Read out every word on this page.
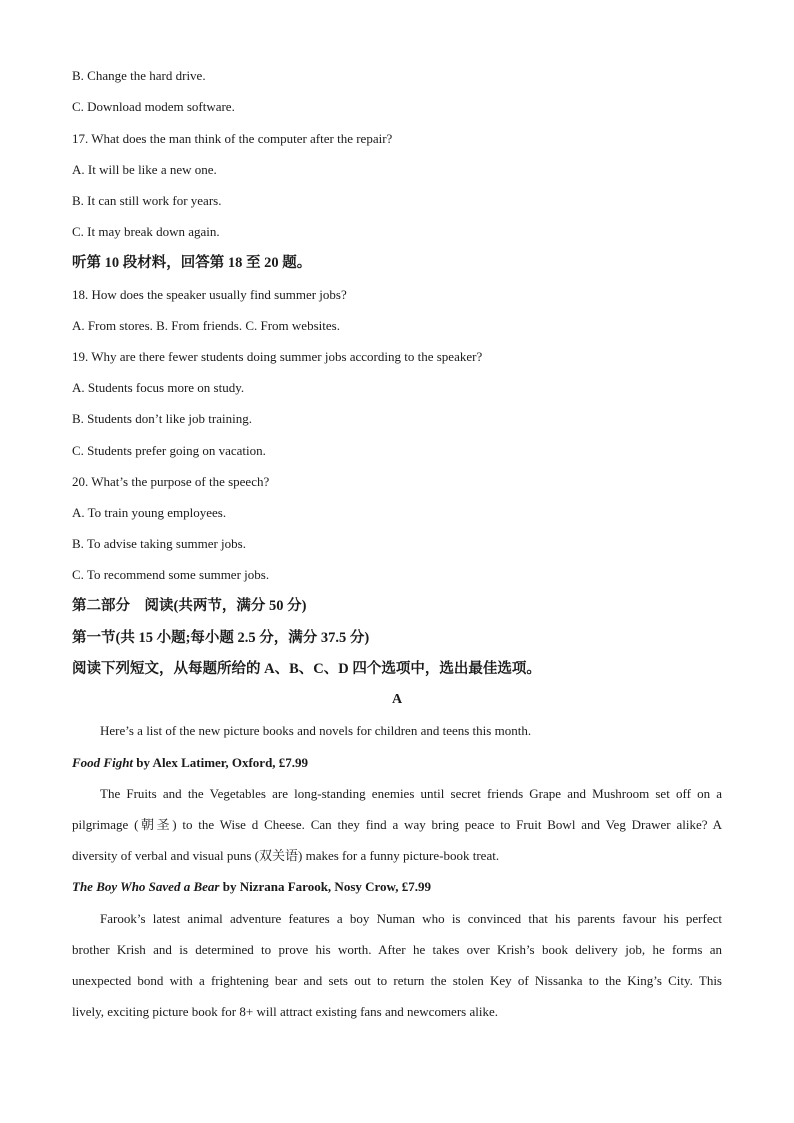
B. Change the hard drive.
C. Download modem software.
17. What does the man think of the computer after the repair?
A. It will be like a new one.
B. It can still work for years.
C. It may break down again.
听第 10 段材料，回答第 18 至 20 题。
18. How does the speaker usually find summer jobs?
A. From stores. B. From friends. C. From websites.
19. Why are there fewer students doing summer jobs according to the speaker?
A. Students focus more on study.
B. Students don’t like job training.
C. Students prefer going on vacation.
20. What’s the purpose of the speech?
A. To train young employees.
B. To advise taking summer jobs.
C. To recommend some summer jobs.
第二部分　阅读(共两节，满分 50 分)
第一节(共 15 小题;每小题 2.5 分，满分 37.5 分)
阅读下列短文，从每题所给的 A、B、C、D 四个选项中，选出最佳选项。
A
Here’s a list of the new picture books and novels for children and teens this month.
Food Fight by Alex Latimer, Oxford, £7.99
The Fruits and the Vegetables are long-standing enemies until secret friends Grape and Mushroom set off on a
pilgrimage (朝圣) to the Wise d Cheese. Can they find a way bring peace to Fruit Bowl and Veg Drawer alike? A
diversity of verbal and visual puns (双关语) makes for a funny picture-book treat.
The Boy Who Saved a Bear by Nizrana Farook, Nosy Crow, £7.99
Farook’s latest animal adventure features a boy Numan who is convinced that his parents favour his perfect
brother Krish and is determined to prove his worth. After he takes over Krish’s book delivery job, he forms an
unexpected bond with a frightening bear and sets out to return the stolen Key of Nissanka to the King’s City. This
lively, exciting picture book for 8+ will attract existing fans and newcomers alike.
